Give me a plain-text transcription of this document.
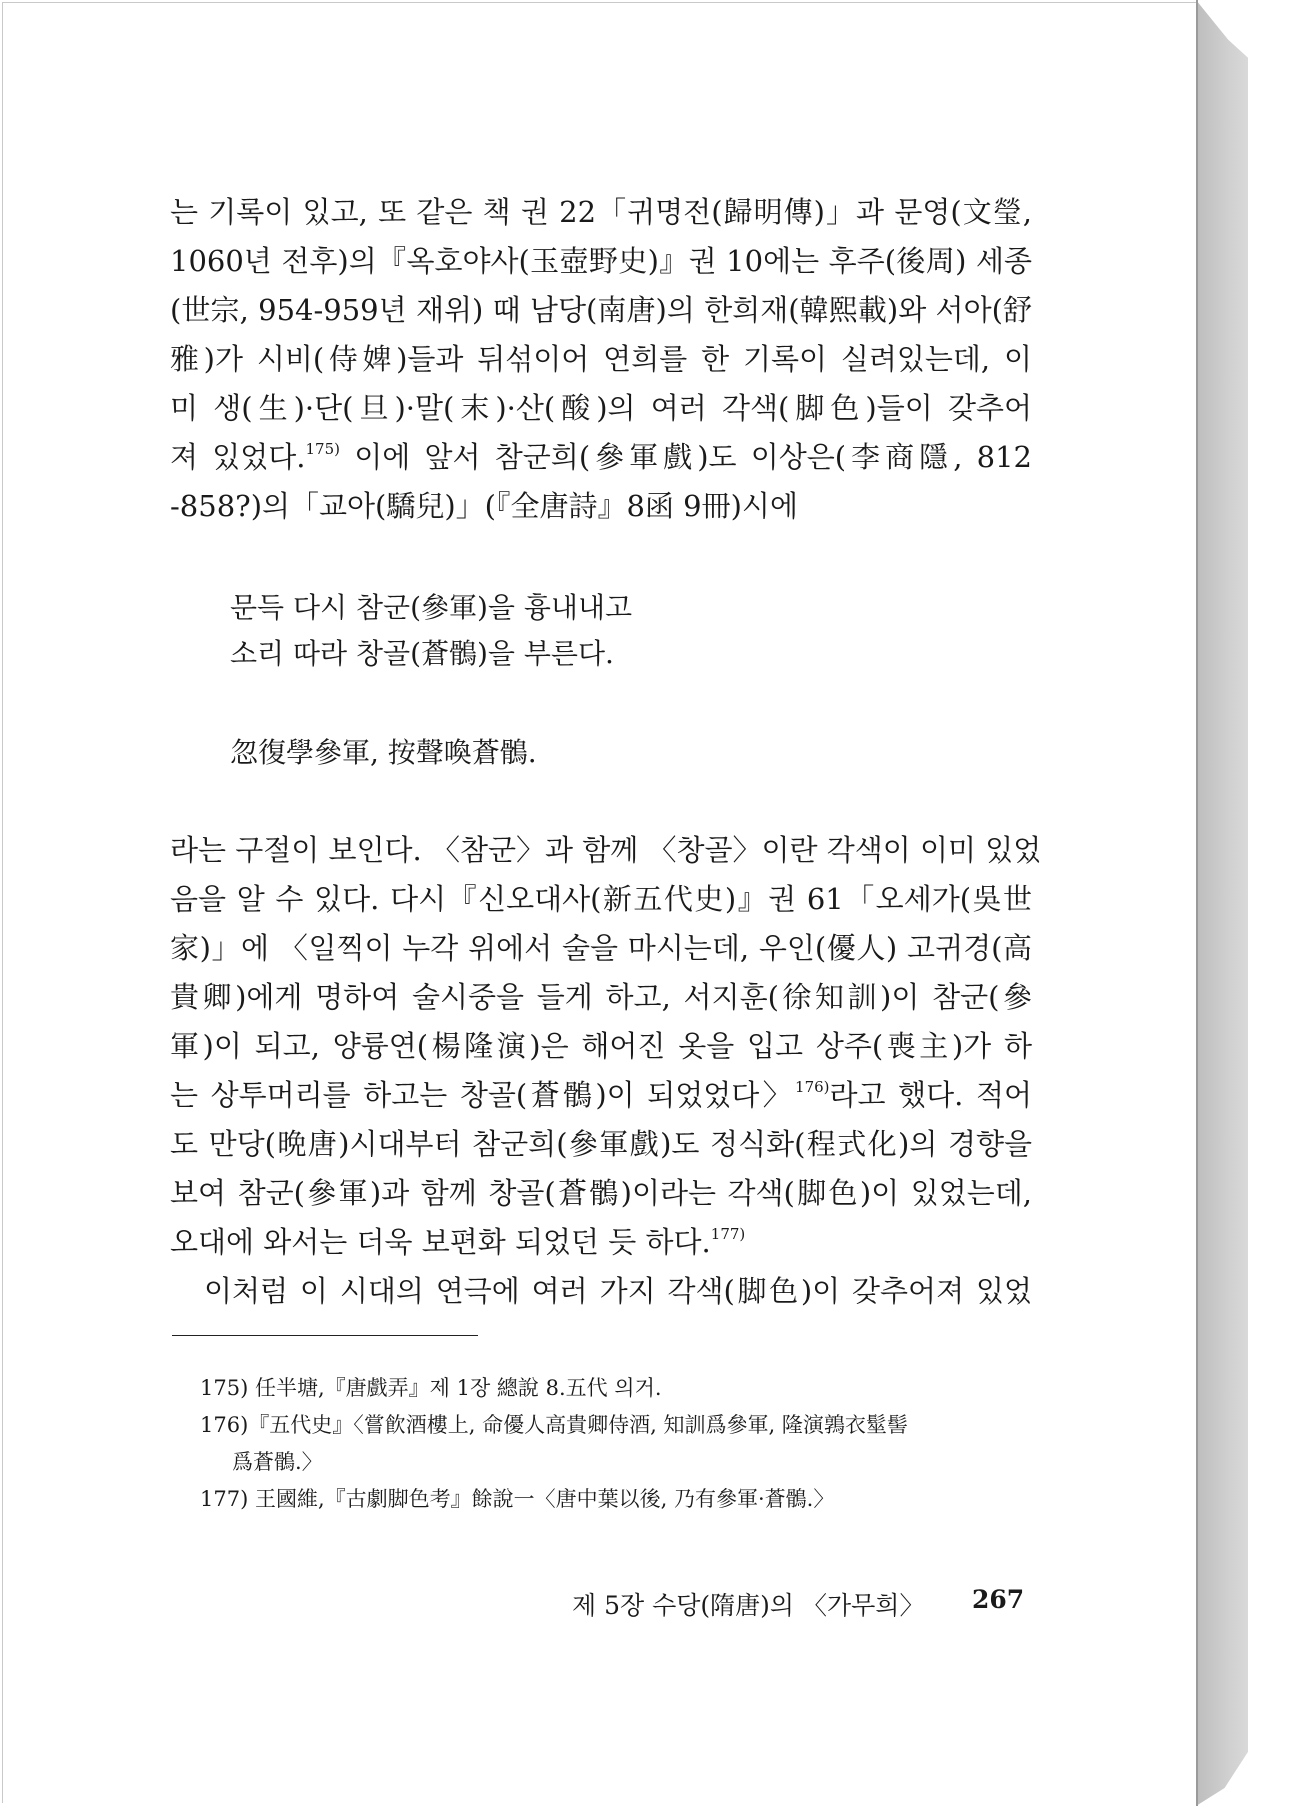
는 기록이 있고, 또 같은 책 권 22「귀명전(歸明傳)」과 문영(文瑩,
1060년 전후)의『옥호야사(玉壺野史)』권 10에는 후주(後周) 세종
(世宗, 954-959년 재위) 때 남당(南唐)의 한희재(韓熙載)와 서아(舒
雅)가 시비(侍婢)들과 뒤섞이어 연희를 한 기록이 실려있는데, 이
미 생(生)·단(旦)·말(末)·산(酸)의 여러 각색(脚色)들이 갖추어
져 있었다.$^{175)}$ 이에 앞서 참군희(參軍戲)도 이상은(李商隱, 812
-858?)의「교아(驕兒)」(『全唐詩』8函 9冊)시에
문득 다시 참군(參軍)을 흉내내고
소리 따라 창골(蒼鶻)을 부른다.
忽復學參軍, 按聲喚蒼鶻.
라는 구절이 보인다. 〈참군〉과 함께 〈창골〉이란 각색이 이미 있었
음을 알 수 있다. 다시『신오대사(新五代史)』권 61「오세가(吳世
家)」에 〈일찍이 누각 위에서 술을 마시는데, 우인(優人) 고귀경(高
貴卿)에게 명하여 술시중을 들게 하고, 서지훈(徐知訓)이 참군(參
軍)이 되고, 양륭연(楊隆演)은 해어진 옷을 입고 상주(喪主)가 하
는 상투머리를 하고는 창골(蒼鶻)이 되었었다〉$^{176)}$라고 했다. 적어
도 만당(晩唐)시대부터 참군희(參軍戲)도 정식화(程式化)의 경향을
보여 참군(參軍)과 함께 창골(蒼鶻)이라는 각색(脚色)이 있었는데,
오대에 와서는 더욱 보편화 되었던 듯 하다.$^{177)}$
이처럼 이 시대의 연극에 여러 가지 각색(脚色)이 갖추어져 있었
175) 任半塘,『唐戲弄』제 1장 總說 8.五代 의거.
176)『五代史』〈嘗飮酒樓上, 命優人高貴卿侍酒, 知訓爲參軍, 隆演鶉衣髽髻
爲蒼鶻.〉
177) 王國維,『古劇脚色考』餘說一〈唐中葉以後, 乃有參軍·蒼鶻.〉
제 5장 수당(隋唐)의 〈가무희〉 267
